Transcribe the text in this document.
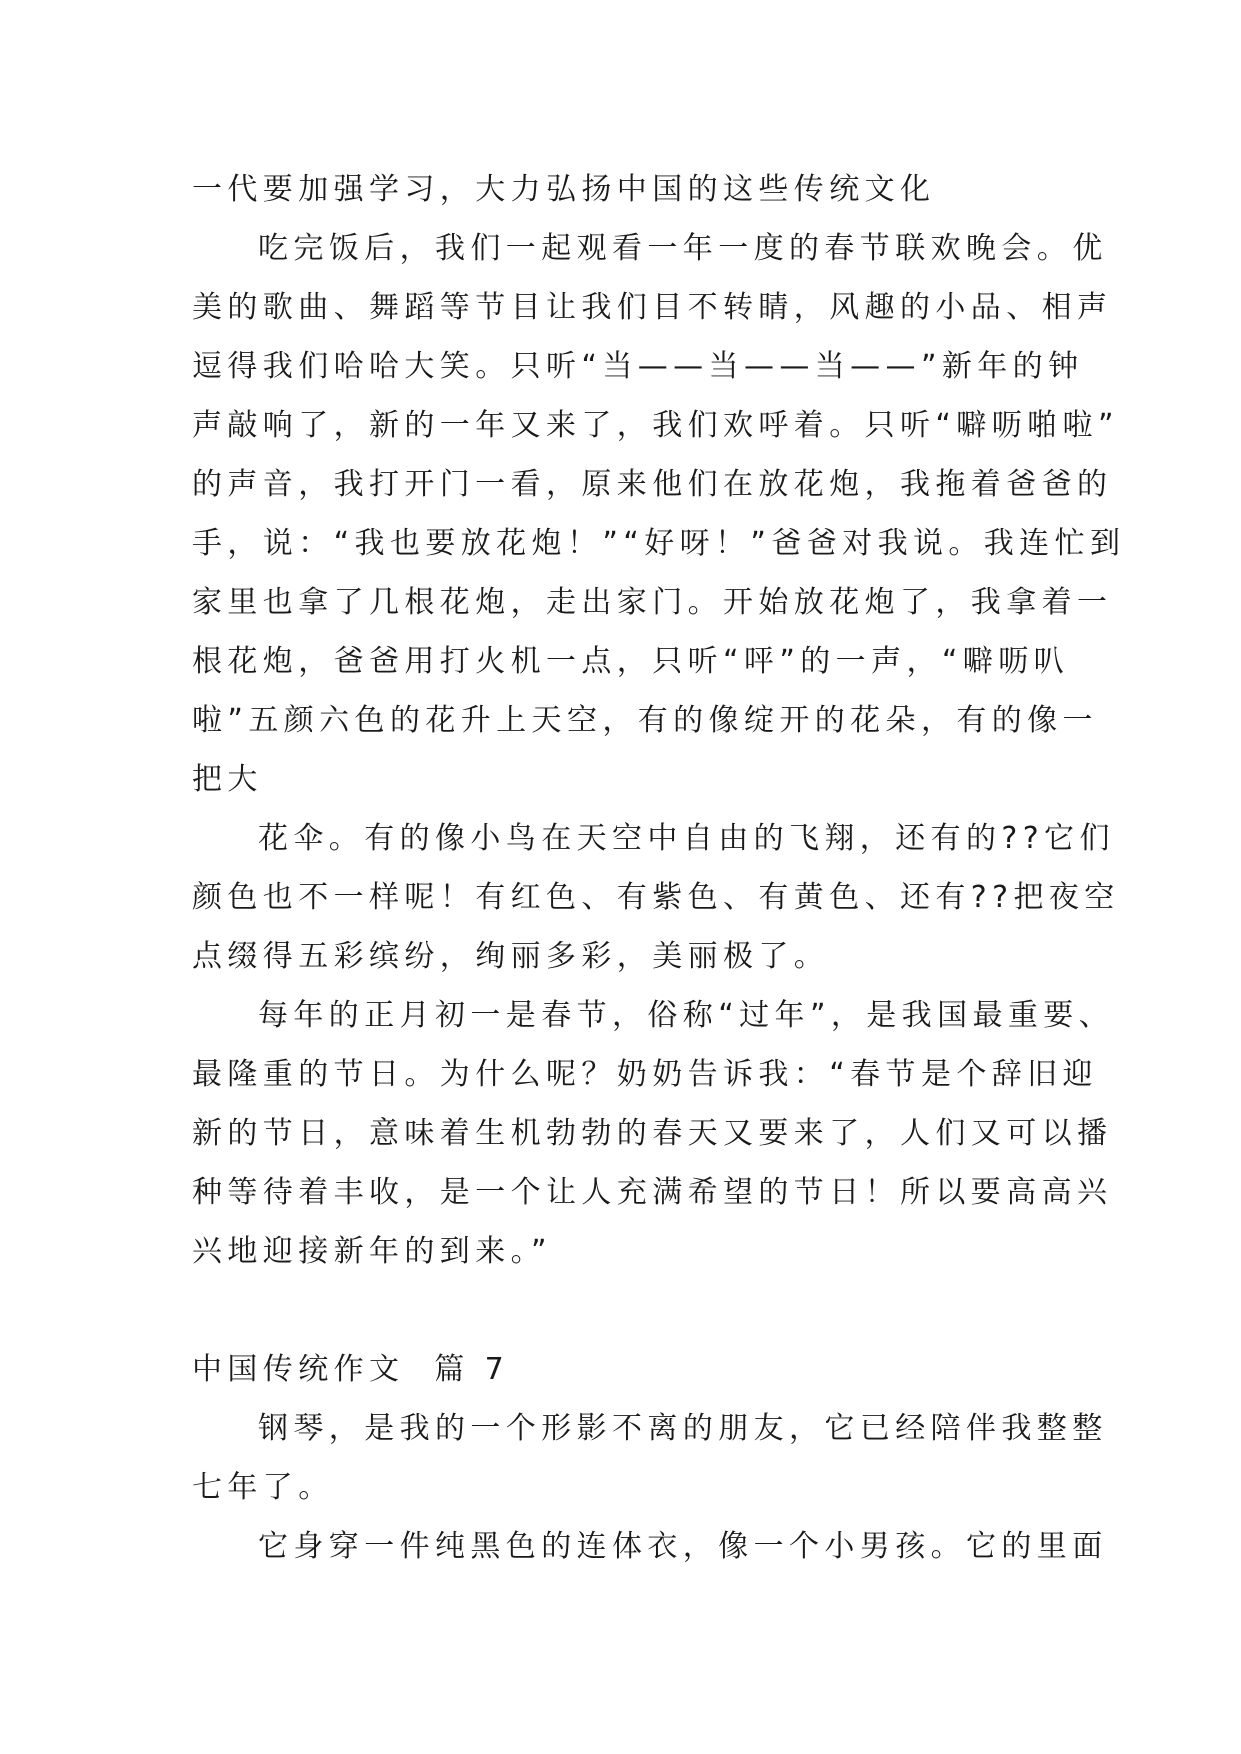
一代要加强学习，大力弘扬中国的这些传统文化
吃完饭后，我们一起观看一年一度的春节联欢晚会。优
美的歌曲、舞蹈等节目让我们目不转睛，风趣的小品、相声
逗得我们哈哈大笑。只听“当——当——当——”新年的钟
声敲响了，新的一年又来了，我们欢呼着。只听“噼呖啪啦”
的声音，我打开门一看，原来他们在放花炮，我拖着爸爸的
手，说：“我也要放花炮！”“好呀！”爸爸对我说。我连忙到
家里也拿了几根花炮，走出家门。开始放花炮了，我拿着一
根花炮，爸爸用打火机一点，只听“呯”的一声，“噼呖叭
啦”五颜六色的花升上天空，有的像绽开的花朵，有的像一
把大
花伞。有的像小鸟在天空中自由的飞翔，还有的??它们
颜色也不一样呢！有红色、有紫色、有黄色、还有??把夜空
点缀得五彩缤纷，绚丽多彩，美丽极了。
每年的正月初一是春节，俗称“过年”，是我国最重要、
最隆重的节日。为什么呢？奶奶告诉我：“春节是个辞旧迎
新的节日，意味着生机勃勃的春天又要来了，人们又可以播
种等待着丰收，是一个让人充满希望的节日！所以要高高兴
兴地迎接新年的到来。”
中国传统作文  篇 7
钢琴，是我的一个形影不离的朋友，它已经陪伴我整整
七年了。
它身穿一件纯黑色的连体衣，像一个小男孩。它的里面
